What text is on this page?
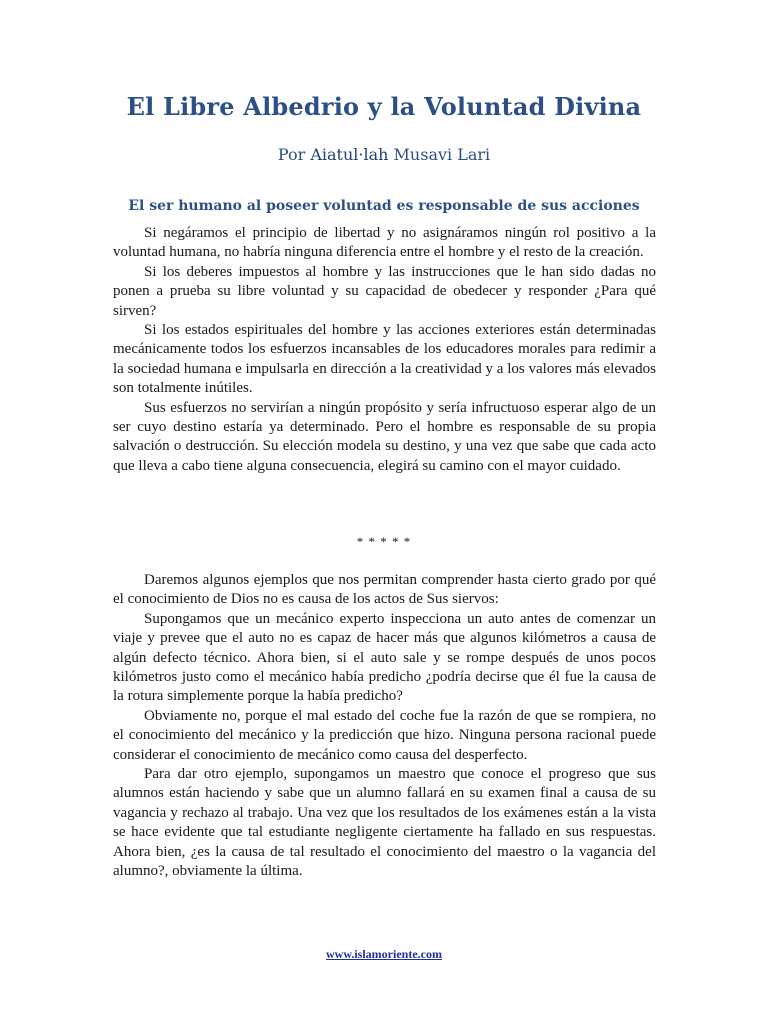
El Libre Albedrio y la Voluntad Divina
Por Aiatul·lah Musavi Lari
El ser humano al poseer voluntad es responsable de sus acciones

Si negáramos el principio de libertad y no asignáramos ningún rol positivo a la voluntad humana, no habría ninguna diferencia entre el hombre y el resto de la creación.

Si los deberes impuestos al hombre y las instrucciones que le han sido dadas no ponen a prueba su libre voluntad y su capacidad de obedecer y responder ¿Para qué sirven?

Si los estados espirituales del hombre y las acciones exteriores están determinadas mecánicamente todos los esfuerzos incansables de los educadores morales para redimir a la sociedad humana e impulsarla en dirección a la creatividad y a los valores más elevados son totalmente inútiles.

Sus esfuerzos no servirían a ningún propósito y sería infructuoso esperar algo de un ser cuyo destino estaría ya determinado. Pero el hombre es responsable de su propia salvación o destrucción. Su elección modela su destino, y una vez que sabe que cada acto que lleva a cabo tiene alguna consecuencia, elegirá su camino con el mayor cuidado.

* * * * *

Daremos algunos ejemplos que nos permitan comprender hasta cierto grado por qué el conocimiento de Dios no es causa de los actos de Sus siervos:

Supongamos que un mecánico experto inspecciona un auto antes de comenzar un viaje y prevee que el auto no es capaz de hacer más que algunos kilómetros a causa de algún defecto técnico. Ahora bien, si el auto sale y se rompe después de unos pocos kilómetros justo como el mecánico había predicho ¿podría decirse que él fue la causa de la rotura simplemente porque la había predicho?

Obviamente no, porque el mal estado del coche fue la razón de que se rompiera, no el conocimiento del mecánico y la predicción que hizo. Ninguna persona racional puede considerar el conocimiento de mecánico como causa del desperfecto.

Para dar otro ejemplo, supongamos un maestro que conoce el progreso que sus alumnos están haciendo y sabe que un alumno fallará en su examen final a causa de su vagancia y rechazo al trabajo. Una vez que los resultados de los exámenes están a la vista se hace evidente que tal estudiante negligente ciertamente ha fallado en sus respuestas. Ahora bien, ¿es la causa de tal resultado el conocimiento del maestro o la vagancia del alumno?, obviamente la última.

www.islamoriente.com
